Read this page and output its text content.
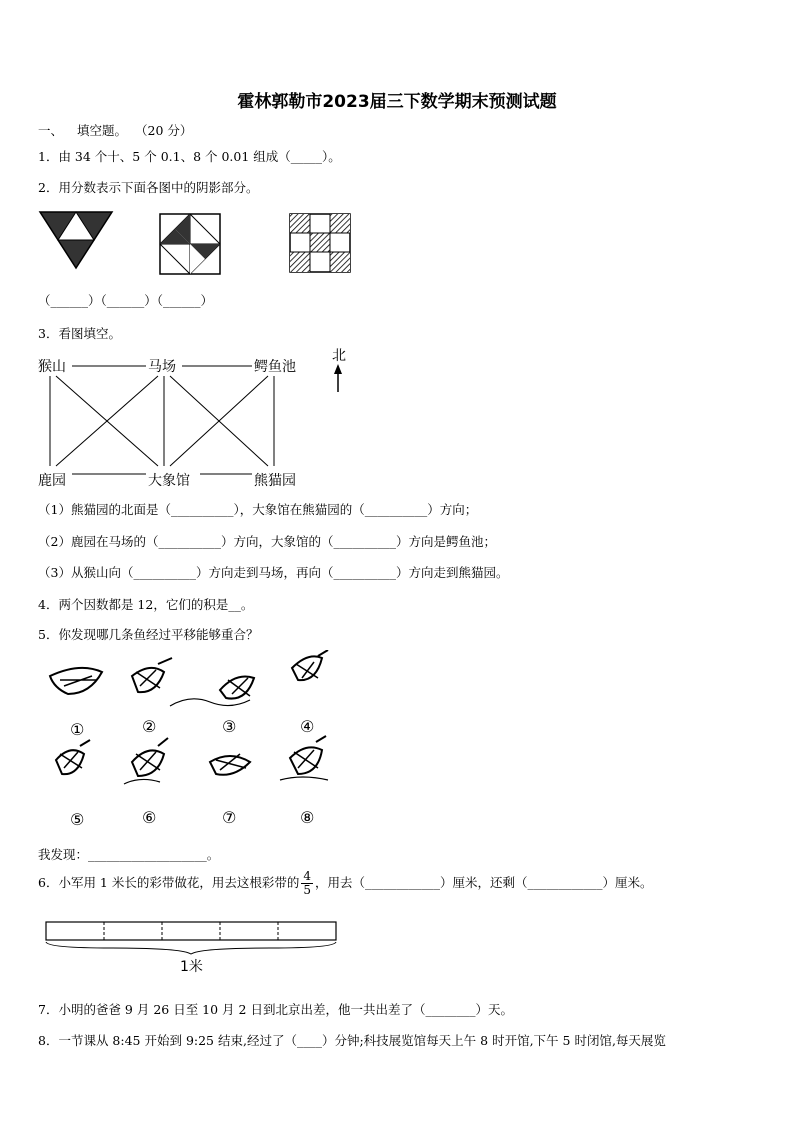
霍林郭勒市2023届三下数学期末预测试题
一、 填空题。 （20 分）
1．由 34 个十、5 个 0.1、8 个 0.01 组成（_____）。
2．用分数表示下面各图中的阴影部分。
（______）（______）（______）
3．看图填空。
猴山	马场	鳄鱼池
鹿园	大象馆	熊猫园
北
（1）熊猫园的北面是（__________），大象馆在熊猫园的（__________）方向；
（2）鹿园在马场的（__________）方向，大象馆的（__________）方向是鳄鱼池；
（3）从猴山向（__________）方向走到马场，再向（__________）方向走到熊猫园。
4．两个因数都是 12，它们的积是__。
5．你发现哪几条鱼经过平移能够重合？
①	②	③	④
⑤	⑥	⑦	⑧
我发现：___________________。
6．小军用 1 米长的彩带做花，用去这根彩带的 $\frac{4}{5}$ ，用去（____________）厘米，还剩（____________）厘米。
1米
7．小明的爸爸 9 月 26 日至 10 月 2 日到北京出差，他一共出差了（________）天。
8．一节课从 8:45 开始到 9:25 结束,经过了（____）分钟;科技展览馆每天上午 8 时开馆,下午 5 时闭馆,每天展览
